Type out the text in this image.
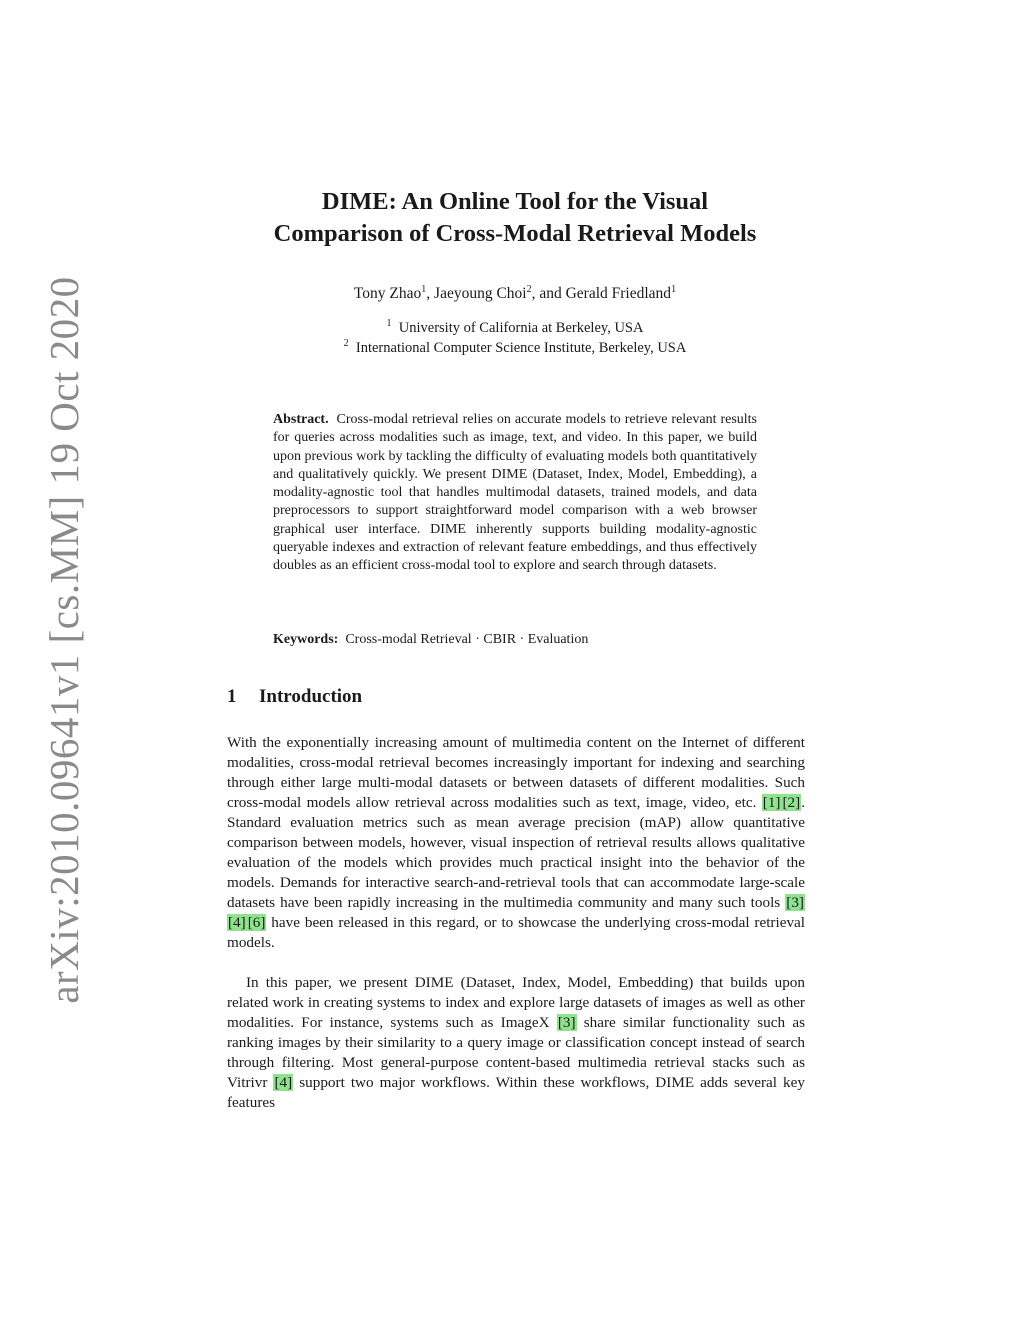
arXiv:2010.09641v1 [cs.MM] 19 Oct 2020
DIME: An Online Tool for the Visual
Comparison of Cross-Modal Retrieval Models

Tony Zhao$^1$, Jaeyoung Choi$^2$, and Gerald Friedland$^1$

$^1$ University of California at Berkeley, USA

$^2$ International Computer Science Institute, Berkeley, USA

Abstract. Cross-modal retrieval relies on accurate models to retrieve relevant results for queries across modalities such as image, text, and video. In this paper, we build upon previous work by tackling the difficulty of evaluating models both quantitatively and qualitatively quickly. We present DIME (Dataset, Index, Model, Embedding), a modality-agnostic tool that handles multimodal datasets, trained models, and data preprocessors to support straightforward model comparison with a web browser graphical user interface. DIME inherently supports building modality-agnostic queryable indexes and extraction of relevant feature embeddings, and thus effectively doubles as an efficient cross-modal tool to explore and search through datasets.

Keywords: Cross-modal Retrieval · CBIR · Evaluation

1 Introduction

With the exponentially increasing amount of multimedia content on the Internet of different modalities, cross-modal retrieval becomes increasingly important for indexing and searching through either large multi-modal datasets or between datasets of different modalities. Such cross-modal models allow retrieval across modalities such as text, image, video, etc. [1] [2]. Standard evaluation metrics such as mean average precision (mAP) allow quantitative comparison between models, however, visual inspection of retrieval results allows qualitative evaluation of the models which provides much practical insight into the behavior of the models. Demands for interactive search-and-retrieval tools that can accommodate large-scale datasets have been rapidly increasing in the multimedia community and many such tools [3][4] [6] have been released in this regard, or to showcase the underlying cross-modal retrieval models.

In this paper, we present DIME (Dataset, Index, Model, Embedding) that builds upon related work in creating systems to index and explore large datasets of images as well as other modalities. For instance, systems such as ImageX [3] share similar functionality such as ranking images by their similarity to a query image or classification concept instead of search through filtering. Most general-purpose content-based multimedia retrieval stacks such as Vitrivr [4] support two major workflows. Within these workflows, DIME adds several key features
